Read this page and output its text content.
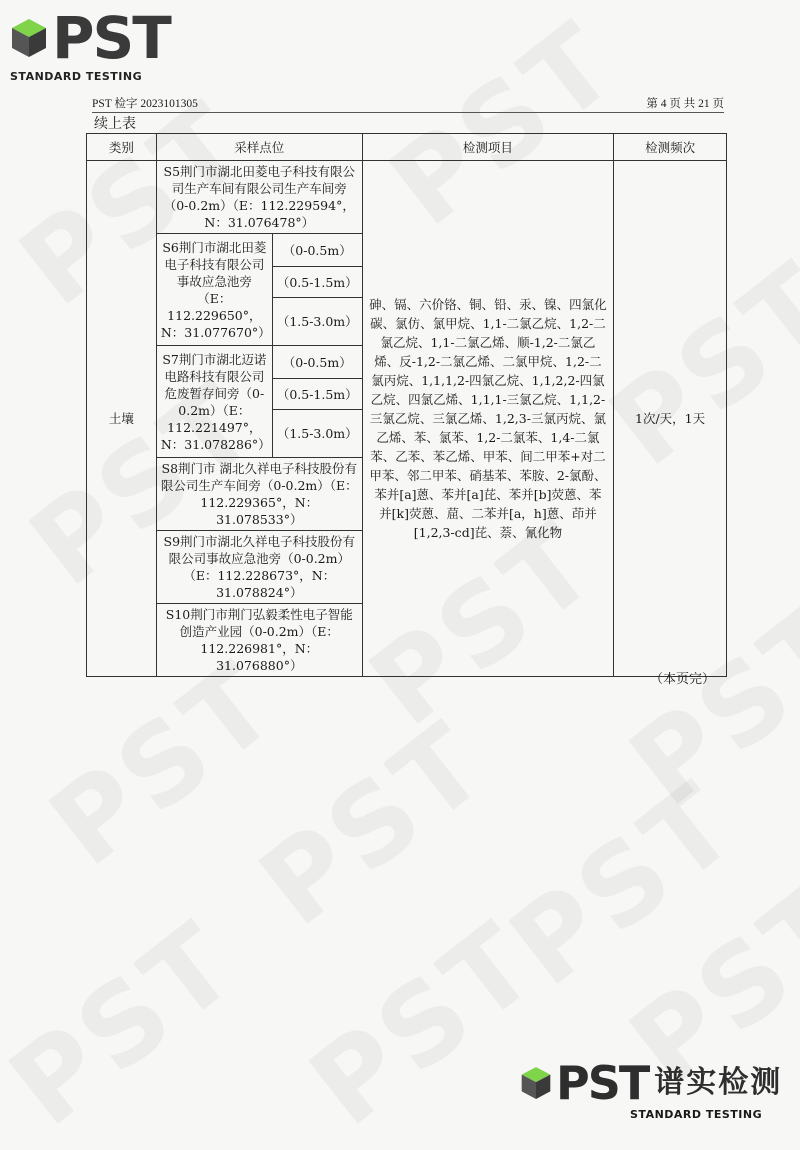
PST
STANDARD TESTING
PST 检字 2023101305	第 4 页 共 21 页
续上表
类别	采样点位		检测项目	检测频次
土壤	S5荆门市湖北田菱电子科技有限公司生产车间有限公司生产车间旁（0-0.2m）（E：112.229594°，N：31.076478°）		砷、镉、六价铬、铜、铅、汞、镍、四氯化碳、氯仿、氯甲烷、1,1-二氯乙烷、1,2-二氯乙烷、1,1-二氯乙烯、顺-1,2-二氯乙烯、反-1,2-二氯乙烯、二氯甲烷、1,2-二氯丙烷、1,1,1,2-四氯乙烷、1,1,2,2-四氯乙烷、四氯乙烯、1,1,1-三氯乙烷、1,1,2-三氯乙烷、三氯乙烯、1,2,3-三氯丙烷、氯乙烯、苯、氯苯、1,2-二氯苯、1,4-二氯苯、乙苯、苯乙烯、甲苯、间二甲苯+对二甲苯、邻二甲苯、硝基苯、苯胺、2-氯酚、苯并[a]蒽、苯并[a]芘、苯并[b]荧蒽、苯并[k]荧蒽、䓛、二苯并[a，h]蒽、茚并[1,2,3-cd]芘、萘、氰化物	1次/天，1天
	S6荆门市湖北田菱电子科技有限公司事故应急池旁（E：112.229650°，N：31.077670°）	（0-0.5m）		
		（0.5-1.5m）		
		（1.5-3.0m）		
	S7荆门市湖北迈诺电路科技有限公司危废暂存间旁（0-0.2m）（E：112.221497°，N：31.078286°）	（0-0.5m）		
		（0.5-1.5m）		
		（1.5-3.0m）		
	S8荆门市 湖北久祥电子科技股份有限公司生产车间旁（0-0.2m）（E：112.229365°，N：31.078533°）			
	S9荆门市湖北久祥电子科技股份有限公司事故应急池旁（0-0.2m）（E：112.228673°，N：31.078824°）			
	S10荆门市荆门弘毅柔性电子智能创造产业园（0-0.2m）（E：112.226981°，N：31.076880°）			
（本页完）
PST 谱实检测
STANDARD TESTING
